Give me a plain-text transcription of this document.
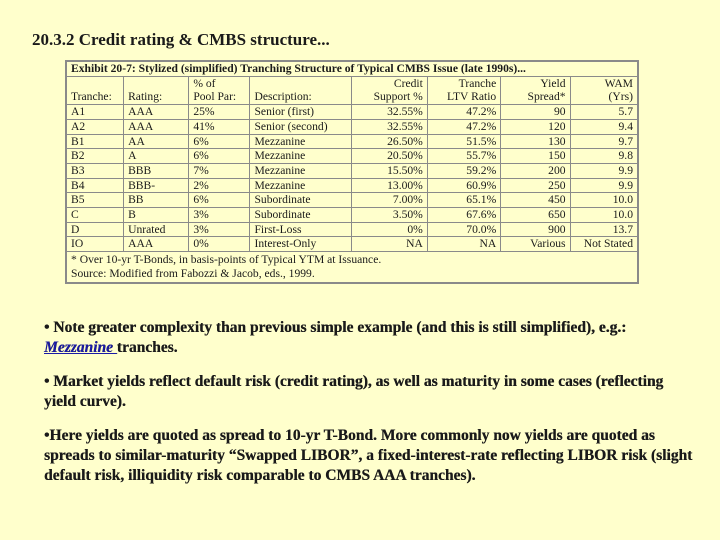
20.3.2 Credit rating & CMBS structure...
Exhibit 20-7: Stylized (simplified) Tranching Structure of Typical CMBS Issue (late 1990s)...							
		% of		Credit	Tranche	Yield	WAM
Tranche:	Rating:	Pool Par:	Description:	Support %	LTV Ratio	Spread*	(Yrs)
A1	AAA	25%	Senior (first)	32.55%	47.2%	90	5.7
A2	AAA	41%	Senior (second)	32.55%	47.2%	120	9.4
B1	AA	6%	Mezzanine	26.50%	51.5%	130	9.7
B2	A	6%	Mezzanine	20.50%	55.7%	150	9.8
B3	BBB	7%	Mezzanine	15.50%	59.2%	200	9.9
B4	BBB-	2%	Mezzanine	13.00%	60.9%	250	9.9
B5	BB	6%	Subordinate	7.00%	65.1%	450	10.0
C	B	3%	Subordinate	3.50%	67.6%	650	10.0
D	Unrated	3%	First-Loss	0%	70.0%	900	13.7
IO	AAA	0%	Interest-Only	NA	NA	Various	Not Stated

* Over 10-yr T-Bonds, in basis-points of Typical YTM at Issuance.
Source: Modified from Fabozzi & Jacob, eds., 1999.							

• Note greater complexity than previous simple example (and this is still simplified), e.g.: Mezzanine tranches.

• Market yields reflect default risk (credit rating), as well as maturity in some cases (reflecting yield curve).

•Here yields are quoted as spread to 10-yr T-Bond. More commonly now yields are quoted as spreads to similar-maturity “Swapped LIBOR”, a fixed-interest-rate reflecting LIBOR risk (slight default risk, illiquidity risk comparable to CMBS AAA tranches).
